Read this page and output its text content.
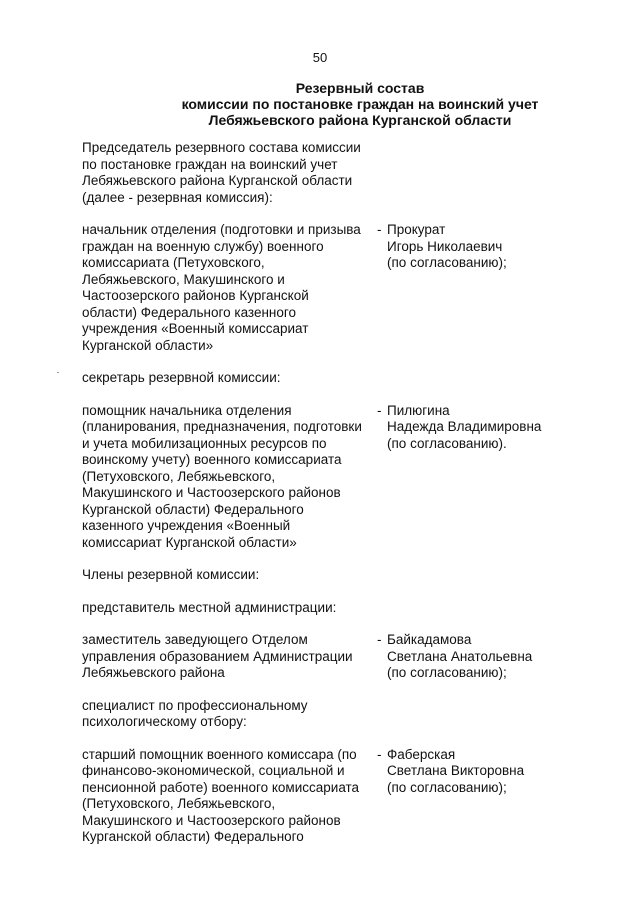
50
Резервный состав
комиссии по постановке граждан на воинский учет
Лебяжьевского района Курганской области
Председатель резервного состава комиссии
по постановке граждан на воинский учет
Лебяжьевского района Курганской области
(далее - резервная комиссия):
начальник отделения (подготовки и призыва
граждан на военную службу) военного
комиссариата (Петуховского,
Лебяжьевского, Макушинского и
Частоозерского районов Курганской
области) Федерального казенного
учреждения «Военный комиссариат
Курганской области»
- Прокурат
Игорь Николаевич
(по согласованию);
секретарь резервной комиссии:
помощник начальника отделения
(планирования, предназначения, подготовки
и учета мобилизационных ресурсов по
воинскому учету) военного комиссариата
(Петуховского, Лебяжьевского,
Макушинского и Частоозерского районов
Курганской области) Федерального
казенного учреждения «Военный
комиссариат Курганской области»
- Пилюгина
Надежда Владимировна
(по согласованию).
Члены резервной комиссии:
представитель местной администрации:
заместитель заведующего Отделом
управления образованием Администрации
Лебяжьевского района
- Байкадамова
Светлана Анатольевна
(по согласованию);
специалист по профессиональному
психологическому отбору:
старший помощник военного комиссара (по
финансово-экономической, социальной и
пенсионной работе) военного комиссариата
(Петуховского, Лебяжьевского,
Макушинского и Частоозерского районов
Курганской области) Федерального
- Фаберская
Светлана Викторовна
(по согласованию);
